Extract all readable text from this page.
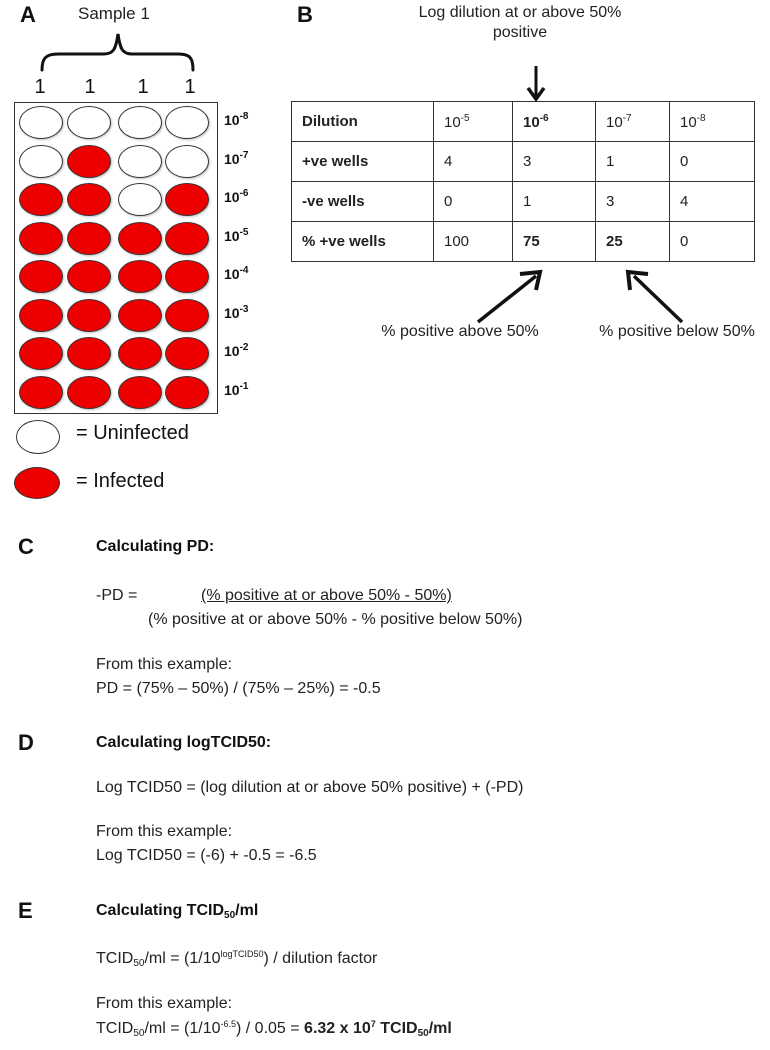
A Sample 1
1 1 1 1
$10^{-8}$
$10^{-7}$
$10^{-6}$
$10^{-5}$
$10^{-4}$
$10^{-3}$
$10^{-2}$
$10^{-1}$
= Uninfected
= Infected
B	Log dilution at or above 50%
positive
Dilution	$10^{-5}$	$10^{-6}$	$10^{-7}$	$10^{-8}$
+ve wells	4	3	1	0
-ve wells	0	1	3	4
% +ve wells	100	75	25	0
% positive above 50%	% positive below 50%
C	Calculating PD:
-PD =	(% positive at or above 50% - 50%)
(% positive at or above 50% - % positive below 50%)
From this example:
PD = (75% – 50%) / (75% – 25%) = -0.5
D	Calculating logTCID50:
Log TCID50 = (log dilution at or above 50% positive) + (-PD)
From this example:
Log TCID50 = (-6) + -0.5 = -6.5
E	Calculating $TCID_{50}/ml$
$TCID_{50}/ml = (1/10^{logTCID50})$ / dilution factor
From this example:
$TCID_{50}/ml = (1/10^{-6.5}) / 0.05 = 6.32$ x $10^7$ $TCID_{50}/ml$
